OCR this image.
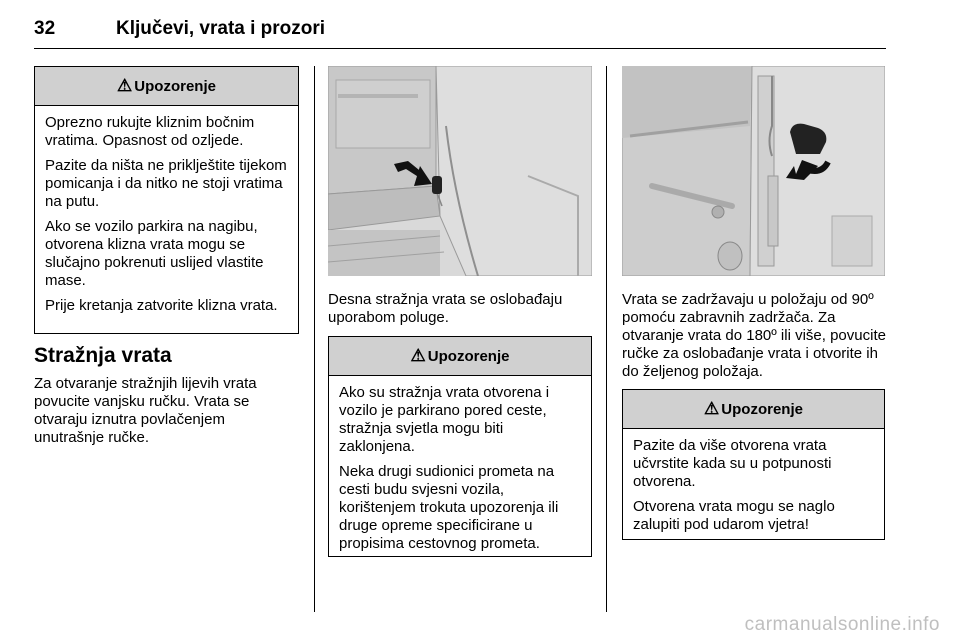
32	Ključevi, vrata i prozori
⚠ Upozorenje

Oprezno rukujte kliznim bočnim vratima. Opasnost od ozljede.

Pazite da ništa ne priklještite tijekom pomicanja i da nitko ne stoji vratima na putu.

Ako se vozilo parkira na nagibu, otvorena klizna vrata mogu se slučajno pokrenuti uslijed vlastite mase.

Prije kretanja zatvorite klizna vrata.

Stražnja vrata

Za otvaranje stražnjih lijevih vrata povucite vanjsku ručku. Vrata se otvaraju iznutra povlačenjem unutrašnje ručke.

Desna stražnja vrata se oslobađaju uporabom poluge.

⚠ Upozorenje

Ako su stražnja vrata otvorena i vozilo je parkirano pored ceste, stražnja svjetla mogu biti zaklonjena.

Neka drugi sudionici prometa na cesti budu svjesni vozila, korištenjem trokuta upozorenja ili druge opreme specificirane u propisima cestovnog prometa.

Vrata se zadržavaju u položaju od 90º pomoću zabravnih zadržača. Za otvaranje vrata do 180º ili više, povucite ručke za oslobađanje vrata i otvorite ih do željenog položaja.

⚠ Upozorenje

Pazite da više otvorena vrata učvrstite kada su u potpunosti otvorena.

Otvorena vrata mogu se naglo zalupiti pod udarom vjetra!

carmanualsonline.info
